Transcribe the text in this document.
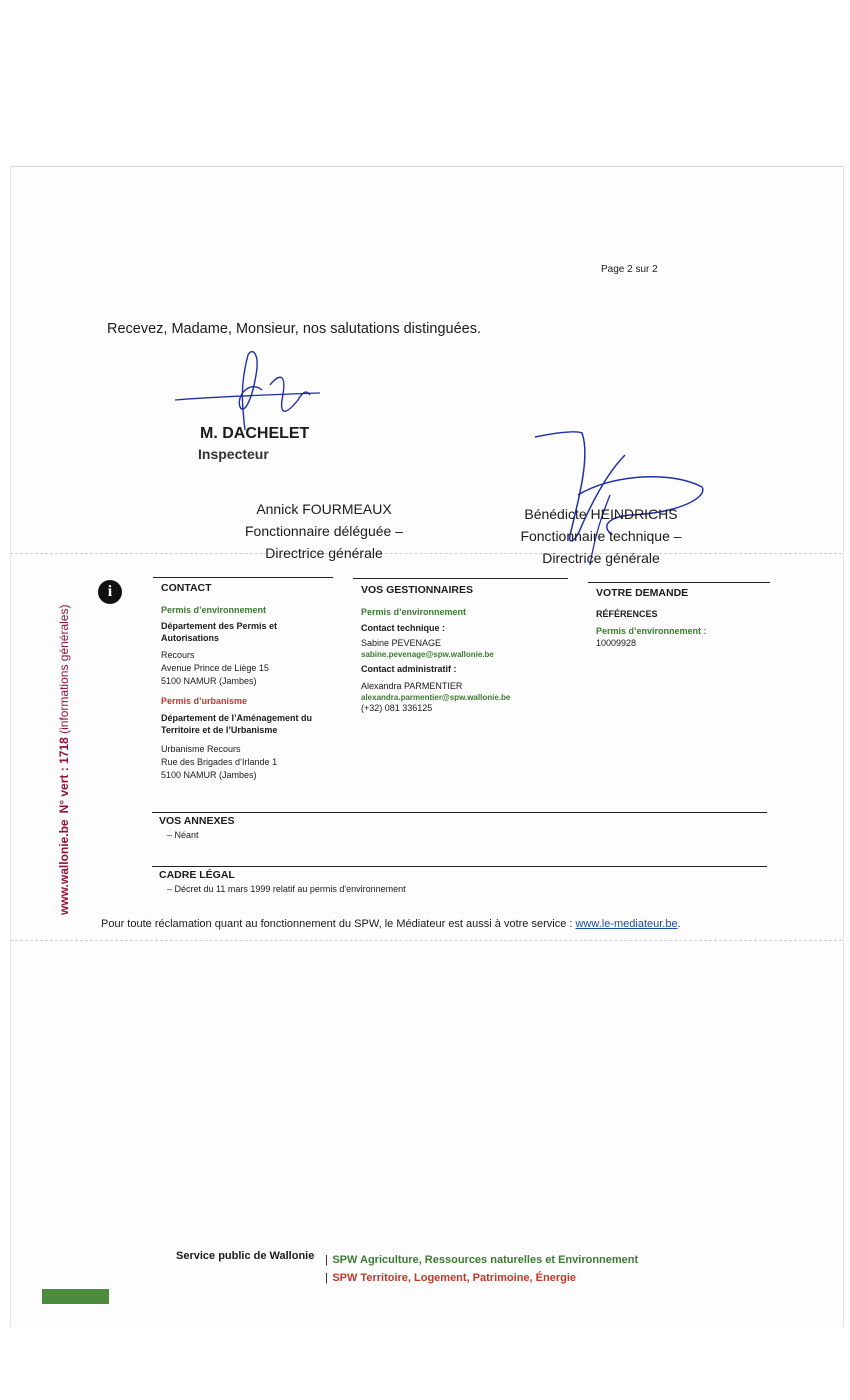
Page 2 sur 2
Recevez, Madame, Monsieur, nos salutations distinguées.
M. DACHELET
Inspecteur
Annick FOURMEAUX
Fonctionnaire déléguée –
Directrice générale
Bénédicte HEINDRICHS
Fonctionnaire technique –
Directrice générale
i
www.wallonie.beN° vert : 1718 (informations générales)
CONTACT
Permis d’environnement
Département des Permis et Autorisations
Recours
Avenue Prince de Liège 15
5100 NAMUR (Jambes)
Permis d’urbanisme
Département de l’Aménagement du Territoire et de l’Urbanisme
Urbanisme Recours
Rue des Brigades d’Irlande 1
5100 NAMUR (Jambes)
VOS GESTIONNAIRES
Permis d’environnement
Contact technique :
Sabine PEVENAGE
sabine.pevenage@spw.wallonie.be
Contact administratif :
Alexandra PARMENTIER
alexandra.parmentier@spw.wallonie.be
(+32) 081 336125
VOTRE DEMANDE
RÉFÉRENCES
Permis d’environnement :
10009928
VOS ANNEXES
– Néant
CADRE LÉGAL
– Décret du 11 mars 1999 relatif au permis d'environnement
Pour toute réclamation quant au fonctionnement du SPW, le Médiateur est aussi à votre service : www.le-mediateur.be.
Service public de Wallonie | SPW Agriculture, Ressources naturelles et Environnement
| SPW Territoire, Logement, Patrimoine, Énergie
